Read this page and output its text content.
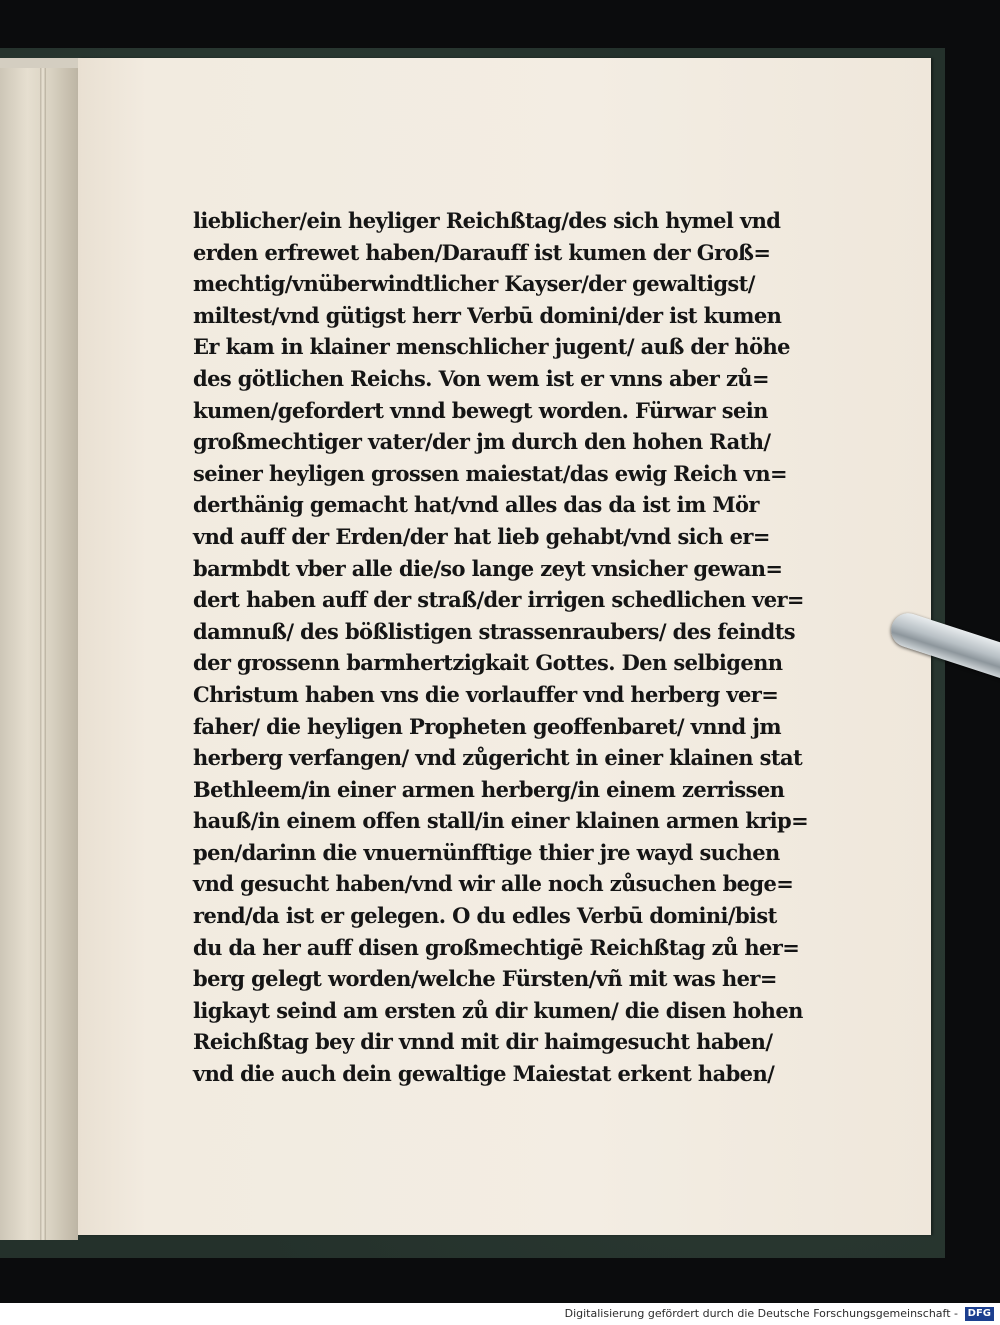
lieblicher/ein heyliger Reichßtag/des sich hymel vnd
erden erfrewet haben/Darauff ist kumen der Groß=
mechtig/vnüberwindtlicher Kayser/der gewaltigst/
miltest/vnd gütigst herr Verbū domini/der ist kumen
Er kam in klainer menschlicher jugent/ auß der höhe
des götlichen Reichs. Von wem ist er vnns aber zů=
kumen/gefordert vnnd bewegt worden. Fürwar sein
großmechtiger vater/der jm durch den hohen Rath/
seiner heyligen grossen maiestat/das ewig Reich vn=
derthänig gemacht hat/vnd alles das da ist im Mör
vnd auff der Erden/der hat lieb gehabt/vnd sich er=
barmbdt vber alle die/so lange zeyt vnsicher gewan=
dert haben auff der straß/der irrigen schedlichen ver=
damnuß/ des bößlistigen strassenraubers/ des feindts
der grossenn barmhertzigkait Gottes. Den selbigenn
Christum haben vns die vorlauffer vnd herberg ver=
faher/ die heyligen Propheten geoffenbaret/ vnnd jm
herberg verfangen/ vnd zůgericht in einer klainen stat
Bethleem/in einer armen herberg/in einem zerrissen
hauß/in einem offen stall/in einer klainen armen krip=
pen/darinn die vnuernünfftige thier jre wayd suchen
vnd gesucht haben/vnd wir alle noch zůsuchen bege=
rend/da ist er gelegen. O du edles Verbū domini/bist
du da her auff disen großmechtigē Reichßtag zů her=
berg gelegt worden/welche Fürsten/vñ mit was her=
ligkayt seind am ersten zů dir kumen/ die disen hohen
Reichßtag bey dir vnnd mit dir haimgesucht haben/
vnd die auch dein gewaltige Maiestat erkent haben/
Digitalisierung gefördert durch die Deutsche Forschungsgemeinschaft - DFG
